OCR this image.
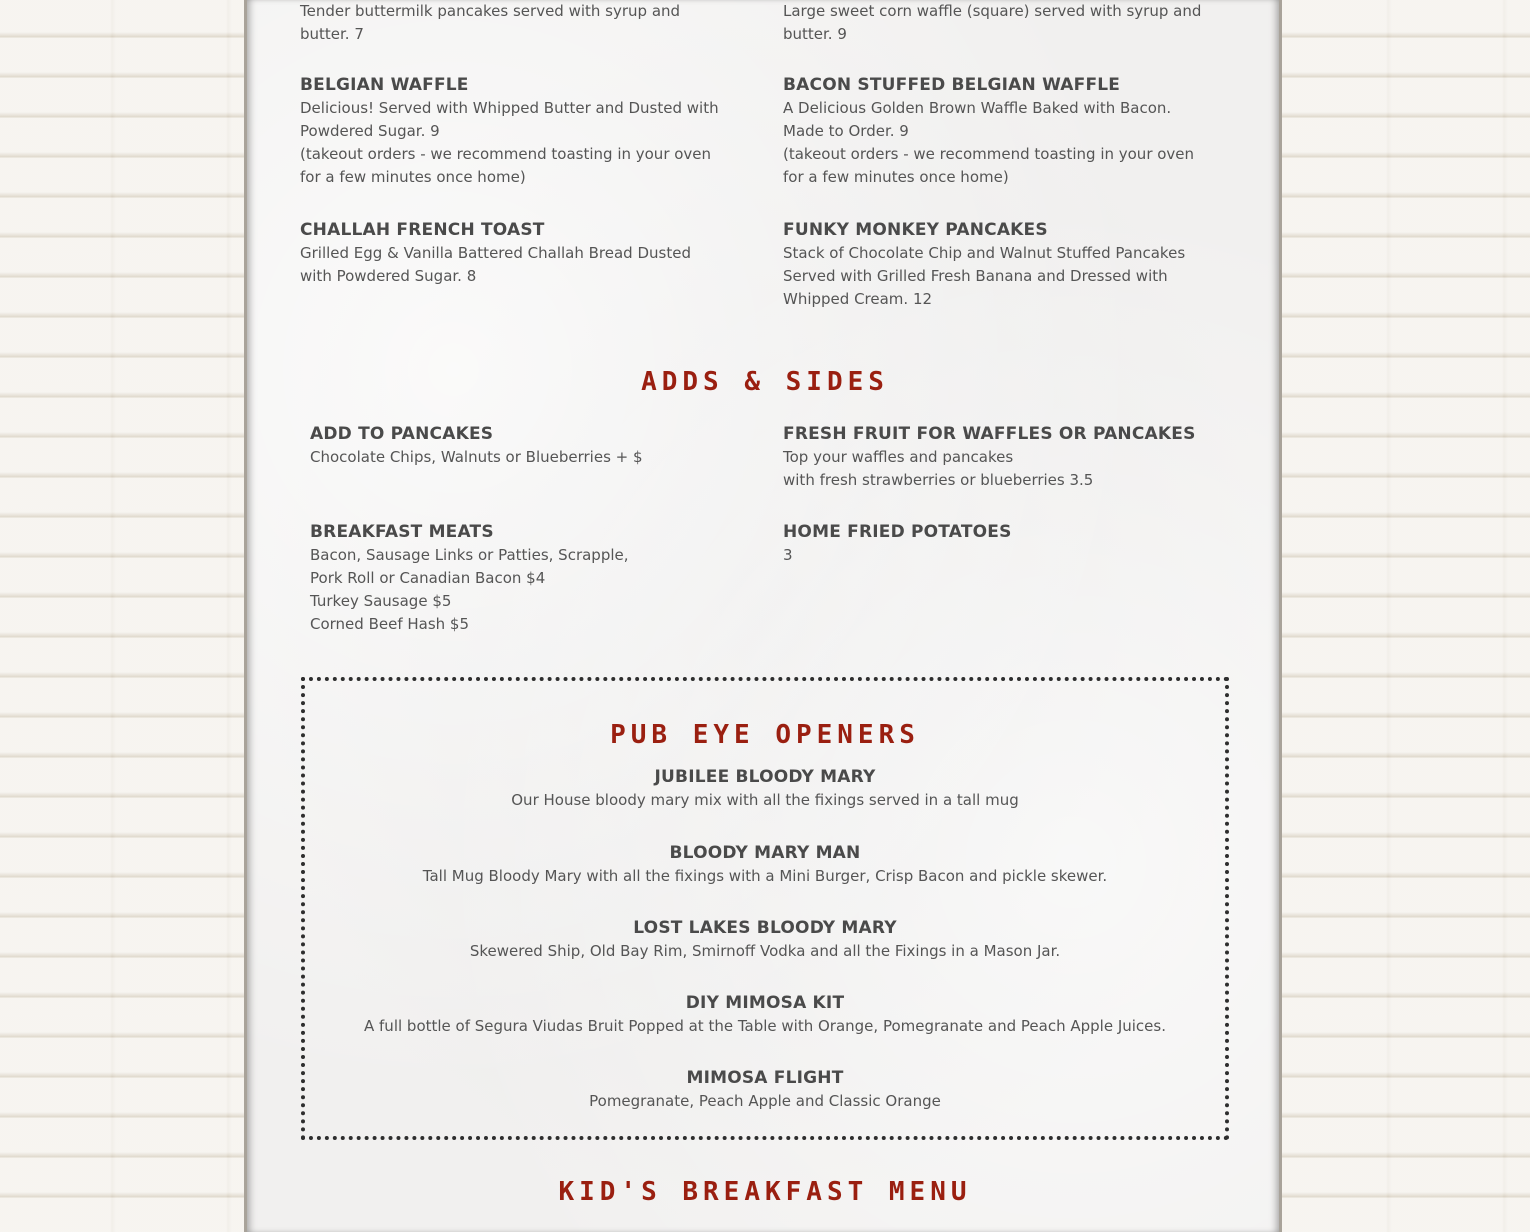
Tender buttermilk pancakes served with syrup and
butter. 7
Large sweet corn waffle (square) served with syrup and
butter. 9
BELGIAN WAFFLE
Delicious! Served with Whipped Butter and Dusted with
Powdered Sugar. 9
(takeout orders - we recommend toasting in your oven
for a few minutes once home)
BACON STUFFED BELGIAN WAFFLE
A Delicious Golden Brown Waffle Baked with Bacon.
Made to Order. 9
(takeout orders - we recommend toasting in your oven
for a few minutes once home)
CHALLAH FRENCH TOAST
Grilled Egg & Vanilla Battered Challah Bread Dusted
with Powdered Sugar. 8
FUNKY MONKEY PANCAKES
Stack of Chocolate Chip and Walnut Stuffed Pancakes
Served with Grilled Fresh Banana and Dressed with
Whipped Cream. 12
ADDS & SIDES
ADD TO PANCAKES
Chocolate Chips, Walnuts or Blueberries + $
FRESH FRUIT FOR WAFFLES OR PANCAKES
Top your waffles and pancakes
with fresh strawberries or blueberries 3.5
BREAKFAST MEATS
Bacon, Sausage Links or Patties, Scrapple,
Pork Roll or Canadian Bacon $4
Turkey Sausage $5
Corned Beef Hash $5
HOME FRIED POTATOES
3
PUB EYE OPENERS
JUBILEE BLOODY MARY
Our House bloody mary mix with all the fixings served in a tall mug
BLOODY MARY MAN
Tall Mug Bloody Mary with all the fixings with a Mini Burger, Crisp Bacon and pickle skewer.
LOST LAKES BLOODY MARY
Skewered Ship, Old Bay Rim, Smirnoff Vodka and all the Fixings in a Mason Jar.
DIY MIMOSA KIT
A full bottle of Segura Viudas Bruit Popped at the Table with Orange, Pomegranate and Peach Apple Juices.
MIMOSA FLIGHT
Pomegranate, Peach Apple and Classic Orange
KID'S BREAKFAST MENU
